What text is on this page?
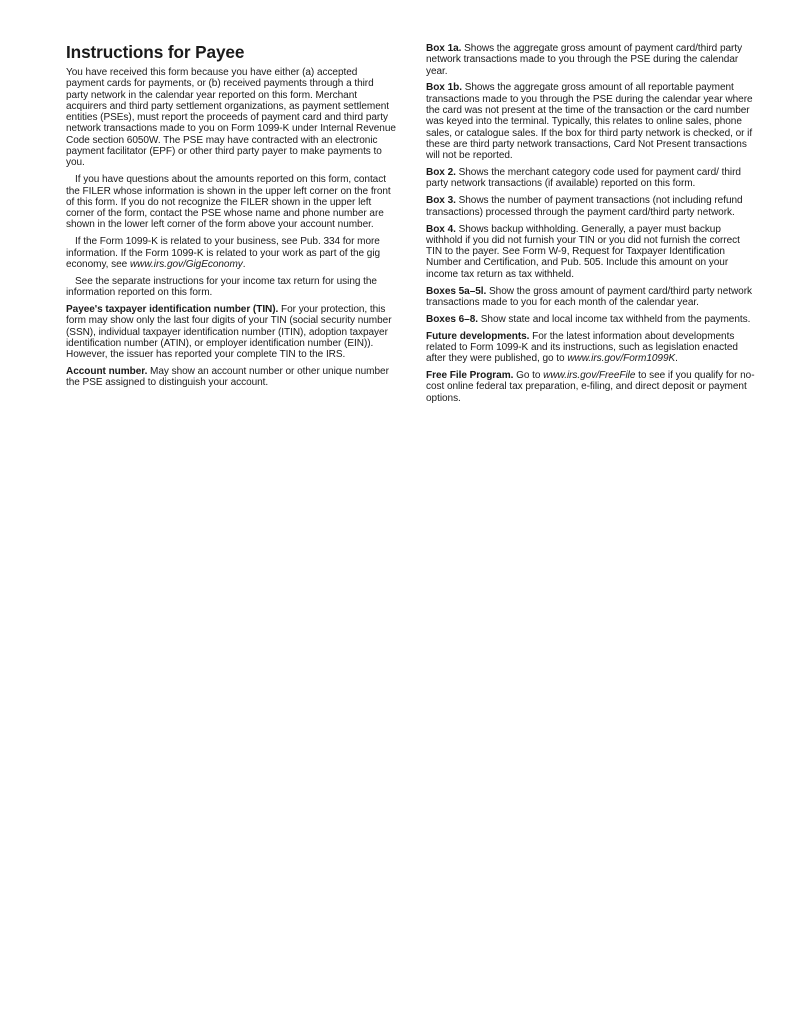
Instructions for Payee

You have received this form because you have either (a) accepted payment cards for payments, or (b) received payments through a third party network in the calendar year reported on this form. Merchant acquirers and third party settlement organizations, as payment settlement entities (PSEs), must report the proceeds of payment card and third party network transactions made to you on Form 1099-K under Internal Revenue Code section 6050W. The PSE may have contracted with an electronic payment facilitator (EPF) or other third party payer to make payments to you.

If you have questions about the amounts reported on this form, contact the FILER whose information is shown in the upper left corner on the front of this form. If you do not recognize the FILER shown in the upper left corner of the form, contact the PSE whose name and phone number are shown in the lower left corner of the form above your account number.

If the Form 1099-K is related to your business, see Pub. 334 for more information. If the Form 1099-K is related to your work as part of the gig economy, see www.irs.gov/GigEconomy.

See the separate instructions for your income tax return for using the information reported on this form.

Payee's taxpayer identification number (TIN). For your protection, this form may show only the last four digits of your TIN (social security number (SSN), individual taxpayer identification number (ITIN), adoption taxpayer identification number (ATIN), or employer identification number (EIN)). However, the issuer has reported your complete TIN to the IRS.

Account number. May show an account number or other unique number the PSE assigned to distinguish your account.

Box 1a. Shows the aggregate gross amount of payment card/third party network transactions made to you through the PSE during the calendar year.

Box 1b. Shows the aggregate gross amount of all reportable payment transactions made to you through the PSE during the calendar year where the card was not present at the time of the transaction or the card number was keyed into the terminal. Typically, this relates to online sales, phone sales, or catalogue sales. If the box for third party network is checked, or if these are third party network transactions, Card Not Present transactions will not be reported.

Box 2. Shows the merchant category code used for payment card/ third party network transactions (if available) reported on this form.

Box 3. Shows the number of payment transactions (not including refund transactions) processed through the payment card/third party network.

Box 4. Shows backup withholding. Generally, a payer must backup withhold if you did not furnish your TIN or you did not furnish the correct TIN to the payer. See Form W-9, Request for Taxpayer Identification Number and Certification, and Pub. 505. Include this amount on your income tax return as tax withheld.

Boxes 5a–5l. Show the gross amount of payment card/third party network transactions made to you for each month of the calendar year.

Boxes 6–8. Show state and local income tax withheld from the payments.

Future developments. For the latest information about developments related to Form 1099-K and its instructions, such as legislation enacted after they were published, go to www.irs.gov/Form1099K.

Free File Program. Go to www.irs.gov/FreeFile to see if you qualify for no-cost online federal tax preparation, e-filing, and direct deposit or payment options.
